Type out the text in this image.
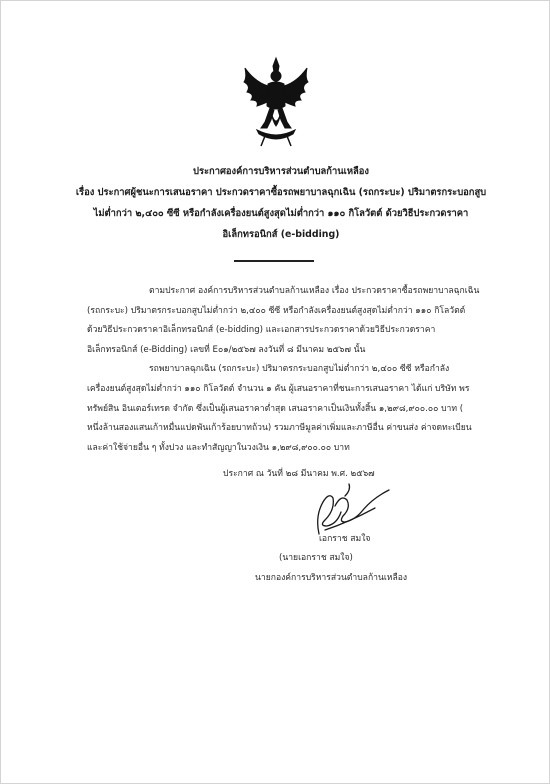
ประกาศองค์การบริหารส่วนตำบลก้านเหลือง
เรื่อง ประกาศผู้ชนะการเสนอราคา ประกวดราคาซื้อรถพยาบาลฉุกเฉิน (รถกระบะ) ปริมาตรกระบอกสูบ
ไม่ต่ำกว่า ๒,๔๐๐ ซีซี หรือกำลังเครื่องยนต์สูงสุดไม่ต่ำกว่า ๑๑๐ กิโลวัตต์ ด้วยวิธีประกวดราคา
อิเล็กทรอนิกส์ (e-bidding)
ตามประกาศ องค์การบริหารส่วนตำบลก้านเหลือง เรื่อง ประกวดราคาซื้อรถพยาบาลฉุกเฉิน
(รถกระบะ) ปริมาตรกระบอกสูบไม่ต่ำกว่า ๒,๔๐๐ ซีซี หรือกำลังเครื่องยนต์สูงสุดไม่ต่ำกว่า ๑๑๐ กิโลวัตต์
ด้วยวิธีประกวดราคาอิเล็กทรอนิกส์ (e-bidding) และเอกสารประกวดราคาด้วยวิธีประกวดราคา
อิเล็กทรอนิกส์ (e-Bidding) เลขที่ E๐๑/๒๕๖๗ ลงวันที่ ๘ มีนาคม ๒๕๖๗ นั้น
รถพยาบาลฉุกเฉิน (รถกระบะ) ปริมาตรกระบอกสูบไม่ต่ำกว่า ๒,๔๐๐ ซีซี หรือกำลัง
เครื่องยนต์สูงสุดไม่ต่ำกว่า ๑๑๐ กิโลวัตต์ จำนวน ๑ คัน ผู้เสนอราคาที่ชนะการเสนอราคา ได้แก่ บริษัท พร
ทรัพย์สิน อินเตอร์เทรด จำกัด ซึ่งเป็นผู้เสนอราคาต่ำสุด เสนอราคาเป็นเงินทั้งสิ้น ๑,๒๙๘,๙๐๐.๐๐ บาท (
หนึ่งล้านสองแสนเก้าหมื่นแปดพันเก้าร้อยบาทถ้วน) รวมภาษีมูลค่าเพิ่มและภาษีอื่น ค่าขนส่ง ค่าจดทะเบียน
และค่าใช้จ่ายอื่น ๆ ทั้งปวง และทำสัญญาในวงเงิน ๑,๒๙๘,๙๐๐.๐๐ บาท
ประกาศ ณ วันที่ ๒๘ มีนาคม พ.ศ. ๒๕๖๗
เอกราช สมใจ
(นายเอกราช สมใจ)
นายกองค์การบริหารส่วนตำบลก้านเหลือง
